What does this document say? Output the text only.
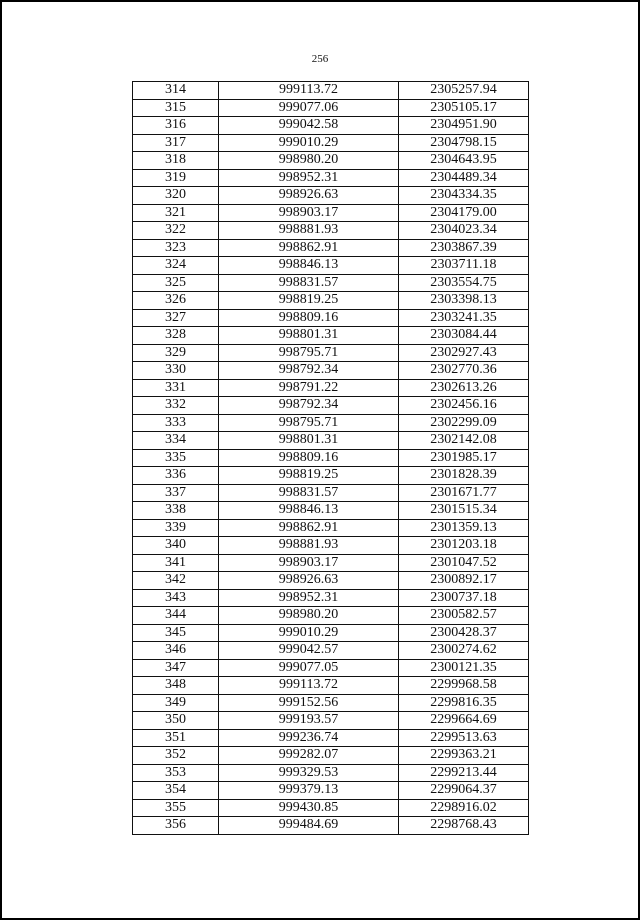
256
314	999113.72	2305257.94
315	999077.06	2305105.17
316	999042.58	2304951.90
317	999010.29	2304798.15
318	998980.20	2304643.95
319	998952.31	2304489.34
320	998926.63	2304334.35
321	998903.17	2304179.00
322	998881.93	2304023.34
323	998862.91	2303867.39
324	998846.13	2303711.18
325	998831.57	2303554.75
326	998819.25	2303398.13
327	998809.16	2303241.35
328	998801.31	2303084.44
329	998795.71	2302927.43
330	998792.34	2302770.36
331	998791.22	2302613.26
332	998792.34	2302456.16
333	998795.71	2302299.09
334	998801.31	2302142.08
335	998809.16	2301985.17
336	998819.25	2301828.39
337	998831.57	2301671.77
338	998846.13	2301515.34
339	998862.91	2301359.13
340	998881.93	2301203.18
341	998903.17	2301047.52
342	998926.63	2300892.17
343	998952.31	2300737.18
344	998980.20	2300582.57
345	999010.29	2300428.37
346	999042.57	2300274.62
347	999077.05	2300121.35
348	999113.72	2299968.58
349	999152.56	2299816.35
350	999193.57	2299664.69
351	999236.74	2299513.63
352	999282.07	2299363.21
353	999329.53	2299213.44
354	999379.13	2299064.37
355	999430.85	2298916.02
356	999484.69	2298768.43
